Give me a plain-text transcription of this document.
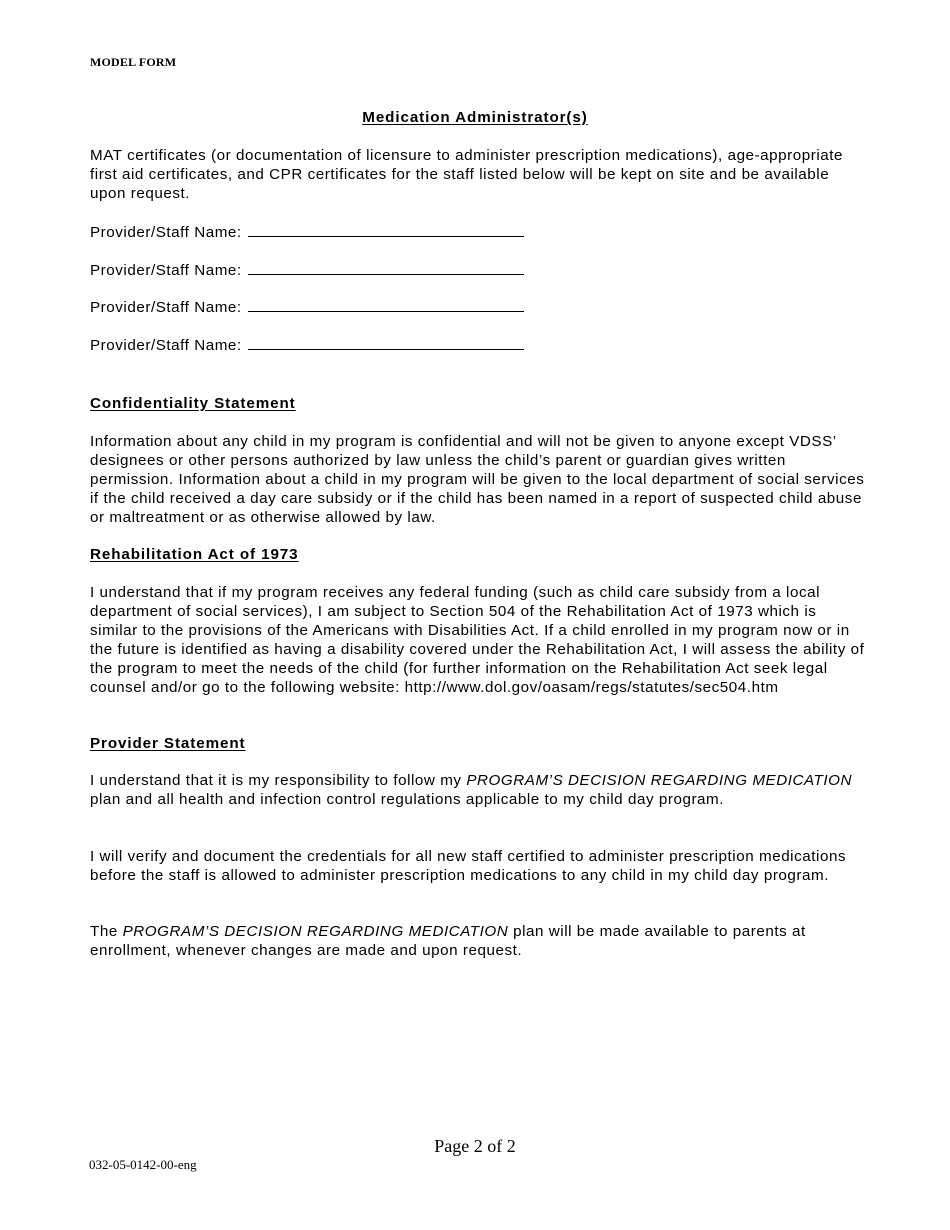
MODEL FORM
Medication Administrator(s)

MAT certificates (or documentation of licensure to administer prescription medications), age-appropriate first aid certificates, and CPR certificates for the staff listed below will be kept on site and be available upon request.

Provider/Staff Name:
Provider/Staff Name:
Provider/Staff Name:
Provider/Staff Name:
Confidentiality Statement

Information about any child in my program is confidential and will not be given to anyone except VDSS’ designees or other persons authorized by law unless the child’s parent or guardian gives written permission. Information about a child in my program will be given to the local department of social services if the child received a day care subsidy or if the child has been named in a report of suspected child abuse or maltreatment or as otherwise allowed by law.

Rehabilitation Act of 1973

I understand that if my program receives any federal funding (such as child care subsidy from a local department of social services), I am subject to Section 504 of the Rehabilitation Act of 1973 which is similar to the provisions of the Americans with Disabilities Act. If a child enrolled in my program now or in the future is identified as having a disability covered under the Rehabilitation Act, I will assess the ability of the program to meet the needs of the child (for further information on the Rehabilitation Act seek legal counsel and/or go to the following website: http://www.dol.gov/oasam/regs/statutes/sec504.htm

Provider Statement

I understand that it is my responsibility to follow my PROGRAM’S DECISION REGARDING MEDICATION plan and all health and infection control regulations applicable to my child day program.

I will verify and document the credentials for all new staff certified to administer prescription medications before the staff is allowed to administer prescription medications to any child in my child day program.

The PROGRAM’S DECISION REGARDING MEDICATION plan will be made available to parents at enrollment, whenever changes are made and upon request.

Page 2 of 2
032-05-0142-00-eng
